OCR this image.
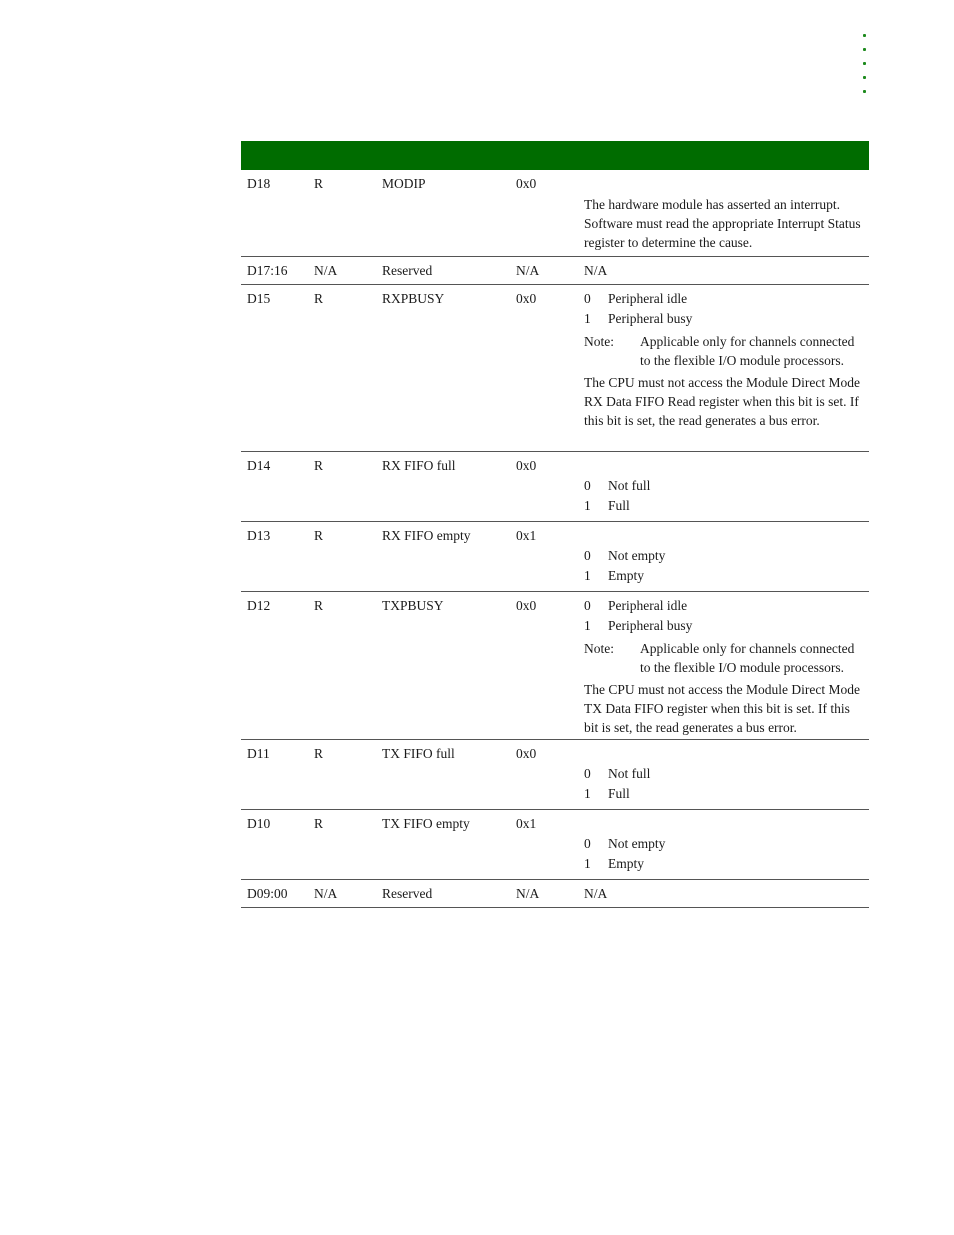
D18	R	MODIP	0x0

The hardware module has asserted an interrupt. Software must read the appropriate Interrupt Status register to determine the cause.

D17:16 N/A	Reserved	N/A	N/A

D15	R	RXPBUSY	0x0	0	Peripheral idle
1	Peripheral busy
Note:	Applicable only for channels connected to the flexible I/O module processors.

The CPU must not access the Module Direct Mode RX Data FIFO Read register when this bit is set. If this bit is set, the read generates a bus error.

D14	R	RX FIFO full	0x0
0	Not full
1	Full
D13	R	RX FIFO empty	0x1
0	Not empty
1	Empty
D12	R	TXPBUSY	0x0	0	Peripheral idle
1	Peripheral busy
Note:	Applicable only for channels connected to the flexible I/O module processors.

The CPU must not access the Module Direct Mode TX Data FIFO register when this bit is set. If this bit is set, the read generates a bus error.

D11	R	TX FIFO full	0x0
0	Not full
1	Full
D10	R	TX FIFO empty	0x1
0	Not empty
1	Empty
D09:00 N/A	Reserved	N/A	N/A
